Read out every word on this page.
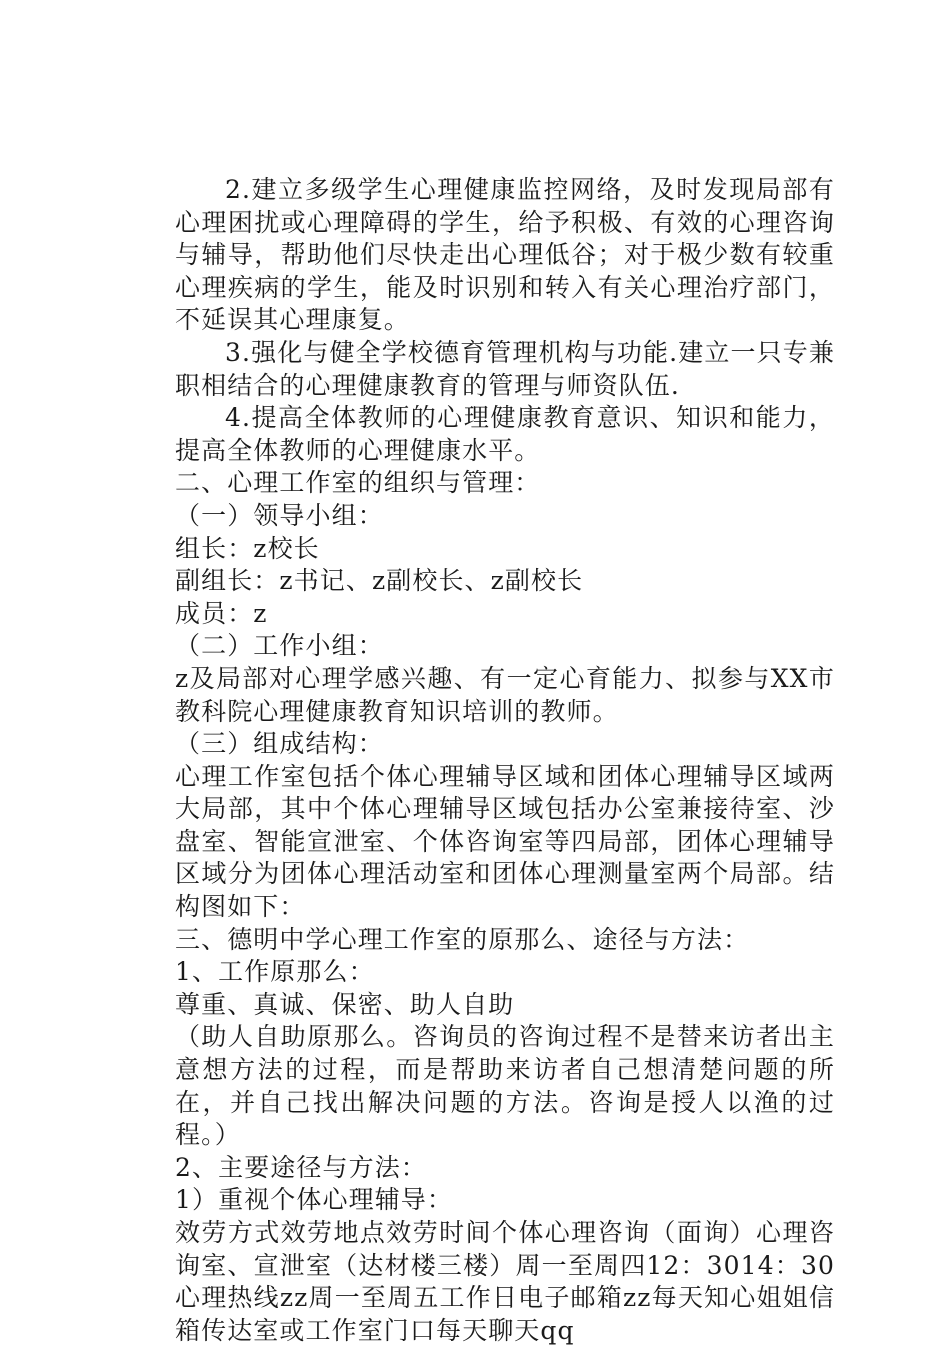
2.建立多级学生心理健康监控网络，及时发现局部有心理困扰或心理障碍的学生，给予积极、有效的心理咨询与辅导，帮助他们尽快走出心理低谷；对于极少数有较重心理疾病的学生，能及时识别和转入有关心理治疗部门，不延误其心理康复。

3.强化与健全学校德育管理机构与功能.建立一只专兼职相结合的心理健康教育的管理与师资队伍.

4.提高全体教师的心理健康教育意识、知识和能力，提高全体教师的心理健康水平。

二、心理工作室的组织与管理：

（一）领导小组：

组长：z校长

副组长：z书记、z副校长、z副校长

成员：z

（二）工作小组：

z及局部对心理学感兴趣、有一定心育能力、拟参与XX市教科院心理健康教育知识培训的教师。

（三）组成结构：

心理工作室包括个体心理辅导区域和团体心理辅导区域两大局部，其中个体心理辅导区域包括办公室兼接待室、沙盘室、智能宣泄室、个体咨询室等四局部，团体心理辅导区域分为团体心理活动室和团体心理测量室两个局部。结构图如下：

三、德明中学心理工作室的原那么、途径与方法：

1、工作原那么：

尊重、真诚、保密、助人自助

（助人自助原那么。咨询员的咨询过程不是替来访者出主意想方法的过程，而是帮助来访者自己想清楚问题的所在，并自己找出解决问题的方法。咨询是授人以渔的过程。）

2、主要途径与方法：

1）重视个体心理辅导：

效劳方式效劳地点效劳时间个体心理咨询（面询）心理咨询室、宣泄室（达材楼三楼）周一至周四12：3014：30心理热线zz周一至周五工作日电子邮箱zz每天知心姐姐信箱传达室或工作室门口每天聊天qq
